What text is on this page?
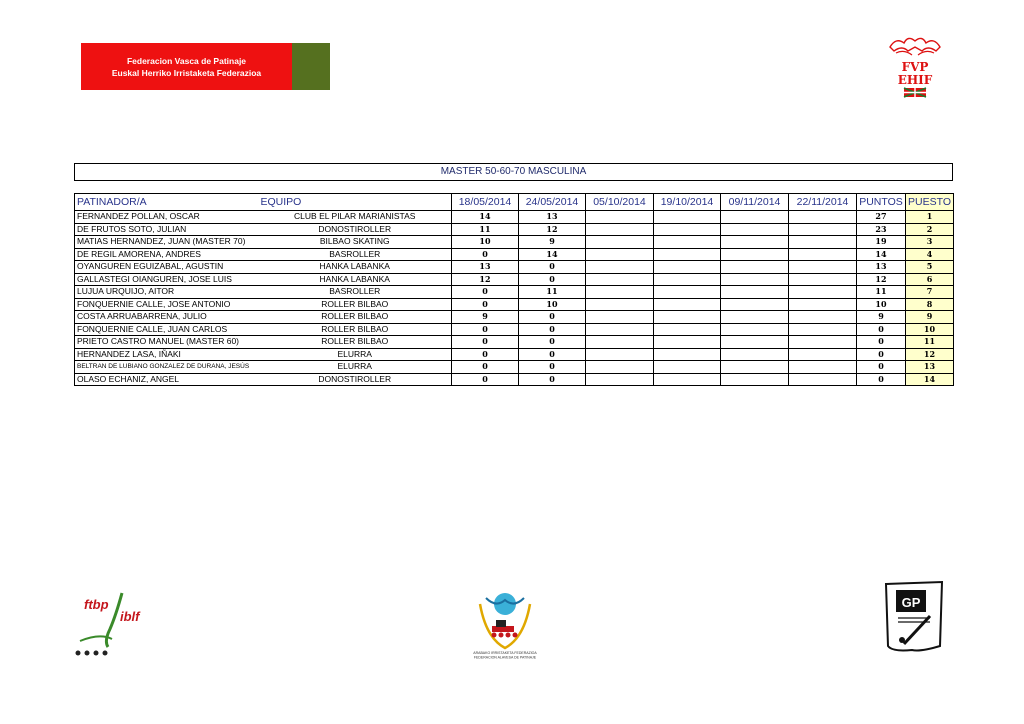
Federacion Vasca de Patinaje
Euskal Herriko Irristaketa Federazioa	FVP
EHIF
MASTER 50-60-70 MASCULINA
PATINADOR/A	EQUIPO	18/05/2014	24/05/2014	05/10/2014	19/10/2014	09/11/2014	22/11/2014	PUNTOS	PUESTO
FERNANDEZ POLLAN, OSCAR	CLUB EL PILAR MARIANISTAS	14	13					27	1
DE FRUTOS SOTO, JULIAN	DONOSTIROLLER	11	12					23	2
MATIAS HERNANDEZ, JUAN (MASTER 70)	BILBAO SKATING	10	9					19	3
DE REGIL AMORENA, ANDRES	BASROLLER	0	14					14	4
OYANGUREN EGUIZABAL, AGUSTIN	HANKA LABANKA	13	0					13	5
GALLASTEGI OIANGUREN, JOSE LUIS	HANKA LABANKA	12	0					12	6
LUJUA URQUIJO, AITOR	BASROLLER	0	11					11	7
FONQUERNIE CALLE, JOSE ANTONIO	ROLLER BILBAO	0	10					10	8
COSTA ARRUABARRENA, JULIO	ROLLER BILBAO	9	0					9	9
FONQUERNIE CALLE, JUAN CARLOS	ROLLER BILBAO	0	0					0	10
PRIETO CASTRO MANUEL (MASTER 60)	ROLLER BILBAO	0	0					0	11
HERNANDEZ LASA, IÑAKI	ELURRA	0	0					0	12
BELTRAN DE LUBIANO GONZALEZ DE DURANA, JESÚS	ELURRA	0	0					0	13
OLASO ECHANIZ, ANGEL	DONOSTIROLLER	0	0					0	14
ftbp
iblf
ARABAKO IRRISTAKETA FEDERAZIOA
FEDERACION ALAVESA DE PATINAJE
GP
